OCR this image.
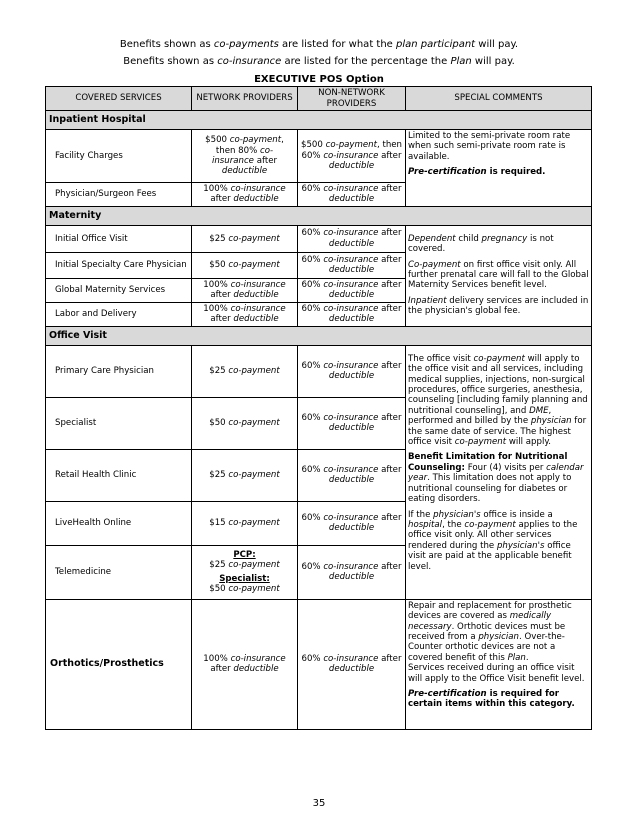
Benefits shown as co-payments are listed for what the plan participant will pay.
Benefits shown as co-insurance are listed for the percentage the Plan will pay.
EXECUTIVE POS Option
COVERED SERVICES	NETWORK PROVIDERS	NON-NETWORK PROVIDERS	SPECIAL COMMENTS
Inpatient Hospital			
Facility Charges	$500 co-payment, then 80% co-insurance after deductible	$500 co-payment, then 60% co-insurance after deductible	Limited to the semi-private room rate when such semi-private room rate is available.
Pre-certification is required.

Physician/Surgeon Fees	100% co-insurance after deductible	60% co-insurance after deductible	
Maternity			
Initial Office Visit	$25 co-payment	60% co-insurance after deductible	Dependent child pregnancy is not covered.
Co-payment on first office visit only. All further prenatal care will fall to the Global Maternity Services benefit level.
Inpatient delivery services are included in the physician's global fee.

Initial Specialty Care Physician	$50 co-payment	60% co-insurance after deductible	
Global Maternity Services	100% co-insurance after deductible	60% co-insurance after deductible	
Labor and Delivery	100% co-insurance after deductible	60% co-insurance after deductible	
Office Visit			
Primary Care Physician	$25 co-payment	60% co-insurance after deductible	The office visit co-payment will apply to the office visit and all services, including medical supplies, injections, non-surgical procedures, office surgeries, anesthesia, counseling [including family planning and nutritional counseling], and DME, performed and billed by the physician for the same date of service. The highest office visit co-payment will apply.
Benefit Limitation for Nutritional Counseling: Four (4) visits per calendar year. This limitation does not apply to nutritional counseling for diabetes or eating disorders.
If the physician's office is inside a hospital, the co-payment applies to the office visit only. All other services rendered during the physician's office visit are paid at the applicable benefit level.

Specialist	$50 co-payment	60% co-insurance after deductible	
Retail Health Clinic	$25 co-payment	60% co-insurance after deductible	
LiveHealth Online	$15 co-payment	60% co-insurance after deductible	
Telemedicine	PCP:
$25 co-payment
Specialist:
$50 co-payment	60% co-insurance after deductible	
Orthotics/Prosthetics	100% co-insurance after deductible	60% co-insurance after deductible	Repair and replacement for prosthetic devices are covered as medically necessary. Orthotic devices must be received from a physician. Over-the-Counter orthotic devices are not a covered benefit of this Plan.
Services received during an office visit will apply to the Office Visit benefit level.
Pre-certification is required for certain items within this category.
35
